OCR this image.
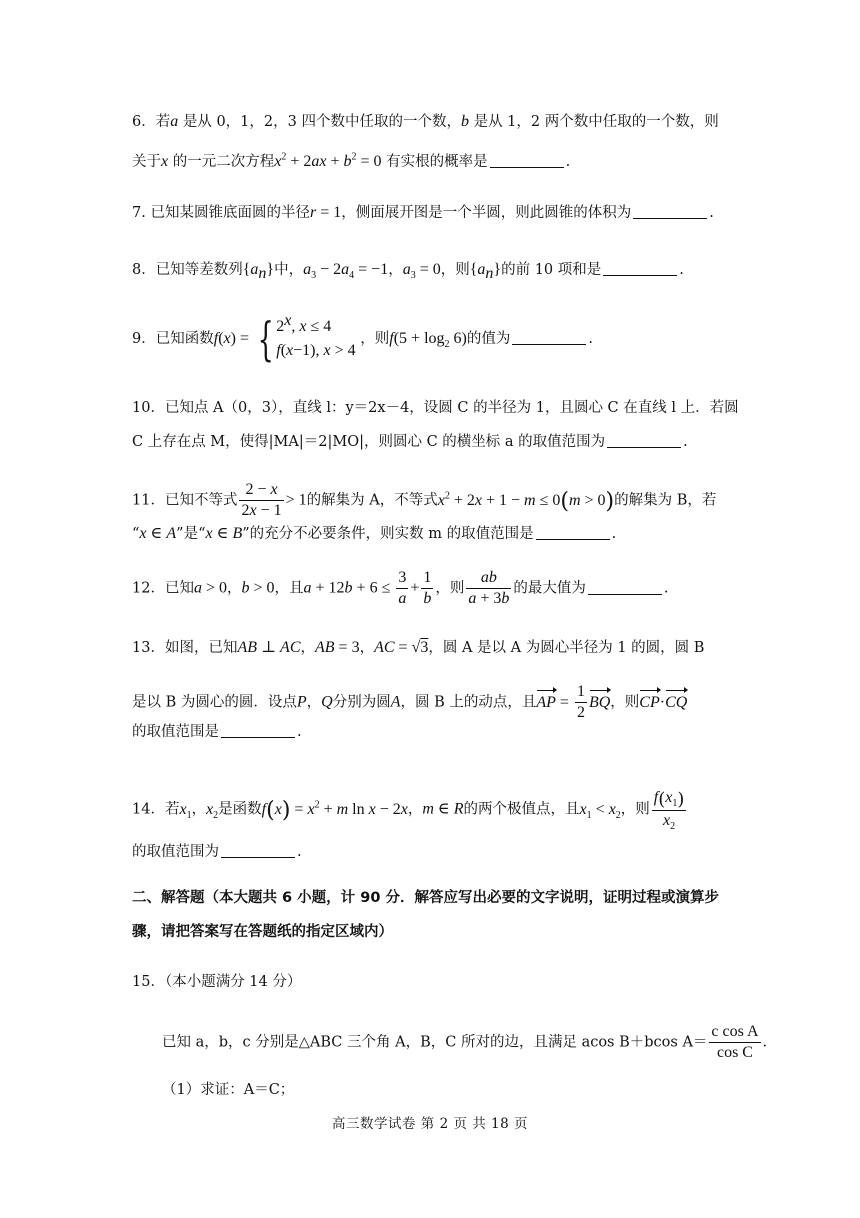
6．若a 是从 0，1，2，3 四个数中任取的一个数，b 是从 1，2 两个数中任取的一个数，则
关于x 的一元二次方程$x^2 + 2ax + b^2 = 0$ 有实根的概率是	.
7. 已知某圆锥底面圆的半径r = 1，侧面展开图是一个半圆，则此圆锥的体积为	.
8．已知等差数列$\{a_n\}$中，$a_3 - 2a_4 = -1$，$a_3 = 0$，则$\{a_n\}$的前 10 项和是	.
9．已知函数f(x) = { 2$^x$, x ≤ 4
f(x−1), x > 4
，则$f(5 + \log_2 6)$的值为	.
10．已知点 A（0，3），直线 l：y＝2x－4，设圆 C 的半径为 1，且圆心 C 在直线 l 上．若圆
C 上存在点 M，使得|MA|＝2|MO|，则圆心 C 的横坐标 a 的取值范围为	.
11．已知不等式 $\frac{2 - x}{2x - 1} > 1$的解集为 A，不等式$x^2 + 2x + 1 - m \le 0(m > 0)$的解集为 B，若
“x ∈ A”是“x ∈ B”的充分不必要条件，则实数 m 的取值范围是	.
12．已知a > 0，b > 0，且$a + 12b + 6 \le \frac{3}{a} + \frac{1}{b}$ ，则 $\frac{ab}{a + 3b}$ 的最大值为	.
13．如图，已知AB ⊥ AC，AB = 3，AC = √3，圆 A 是以 A 为圆心半径为 1 的圆，圆 B
是以 B 为圆心的圆．设点P，Q分别为圆A，圆 B 上的动点，且AP = $\frac{1}{2}$ BQ，则CP·CQ
的取值范围是	.
14．若$x_1$，$x_2$是函数$f(x) = x^2 + m$ ln x − 2x，m ∈ R的两个极值点，且$x_1 < x_2$，则 $\frac{f(x_1)}{x_2}$
的取值范围为	.
二、解答题（本大题共 6 小题，计 90 分．解答应写出必要的文字说明，证明过程或演算步
骤，请把答案写在答题纸的指定区域内）
15．（本小题满分 14 分）
已知 a，b，c 分别是△ABC 三个角 A，B，C 所对的边，且满足 acos B＋bcos $A= \frac{\text{c cos A}}{\text{cos C}}$ .
（1）求证：A＝C；
高三数学试卷 第 2 页 共 18 页
